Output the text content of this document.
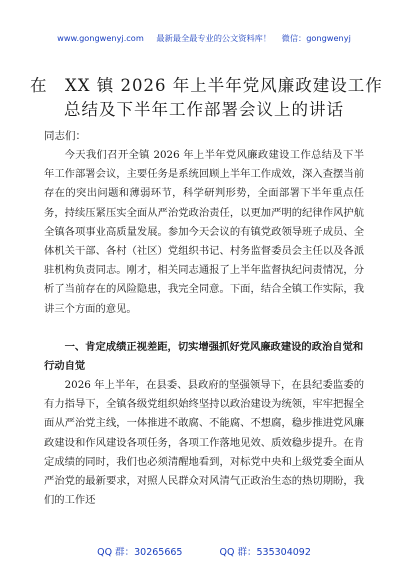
www.gongwenyj.com 最新最全最专业的公文资料库！ 微信：gongwenyj
在　XX 镇 2026 年上半年党风廉政建设工作
总结及下半年工作部署会议上的讲话
同志们：

今天我们召开全镇 2026 年上半年党风廉政建设工作总结及下半年工作部署会议，主要任务是系统回顾上半年工作成效，深入查摆当前存在的突出问题和薄弱环节，科学研判形势，全面部署下半年重点任务，持续压紧压实全面从严治党政治责任，以更加严明的纪律作风护航全镇各项事业高质量发展。参加今天会议的有镇党政领导班子成员、全体机关干部、各村（社区）党组织书记、村务监督委员会主任以及各派驻机构负责同志。刚才，相关同志通报了上半年监督执纪问责情况，分析了当前存在的风险隐患，我完全同意。下面，结合全镇工作实际，我讲三个方面的意见。

一、肯定成绩正视差距，切实增强抓好党风廉政建设的政治自觉和行动自觉

2026 年上半年，在县委、县政府的坚强领导下，在县纪委监委的有力指导下，全镇各级党组织始终坚持以政治建设为统领，牢牢把握全面从严治党主线，一体推进不敢腐、不能腐、不想腐，稳步推进党风廉政建设和作风建设各项任务，各项工作落地见效、质效稳步提升。在肯定成绩的同时，我们也必须清醒地看到，对标党中央和上级党委全面从严治党的最新要求，对照人民群众对风清气正政治生态的热切期盼，我们的工作还

QQ 群：30265665	QQ 群：535304092
